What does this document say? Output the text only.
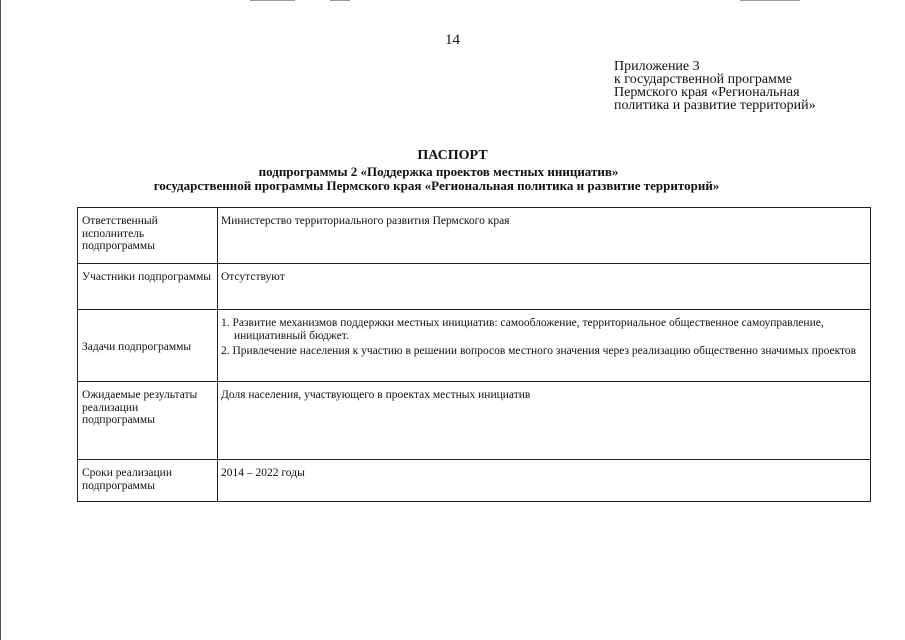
14
Приложение 3
к государственной программе
Пермского края «Региональная
политика и развитие территорий»
ПАСПОРТ
подпрограммы 2 «Поддержка проектов местных инициатив»
государственной программы Пермского края «Региональная политика и развитие территорий»
Ответственный исполнитель подпрограммы	Министерство территориального развития Пермского края
Участники подпрограммы	Отсутствуют
Задачи подпрограммы	1. Развитие механизмов поддержки местных инициатив: самообложение, территориальное общественное самоуправление, инициативный бюджет.
2. Привлечение населения к участию в решении вопросов местного значения через реализацию общественно значимых проектов

Ожидаемые результаты реализации подпрограммы	Доля населения, участвующего в проектах местных инициатив
Сроки реализации подпрограммы	2014 – 2022 годы
